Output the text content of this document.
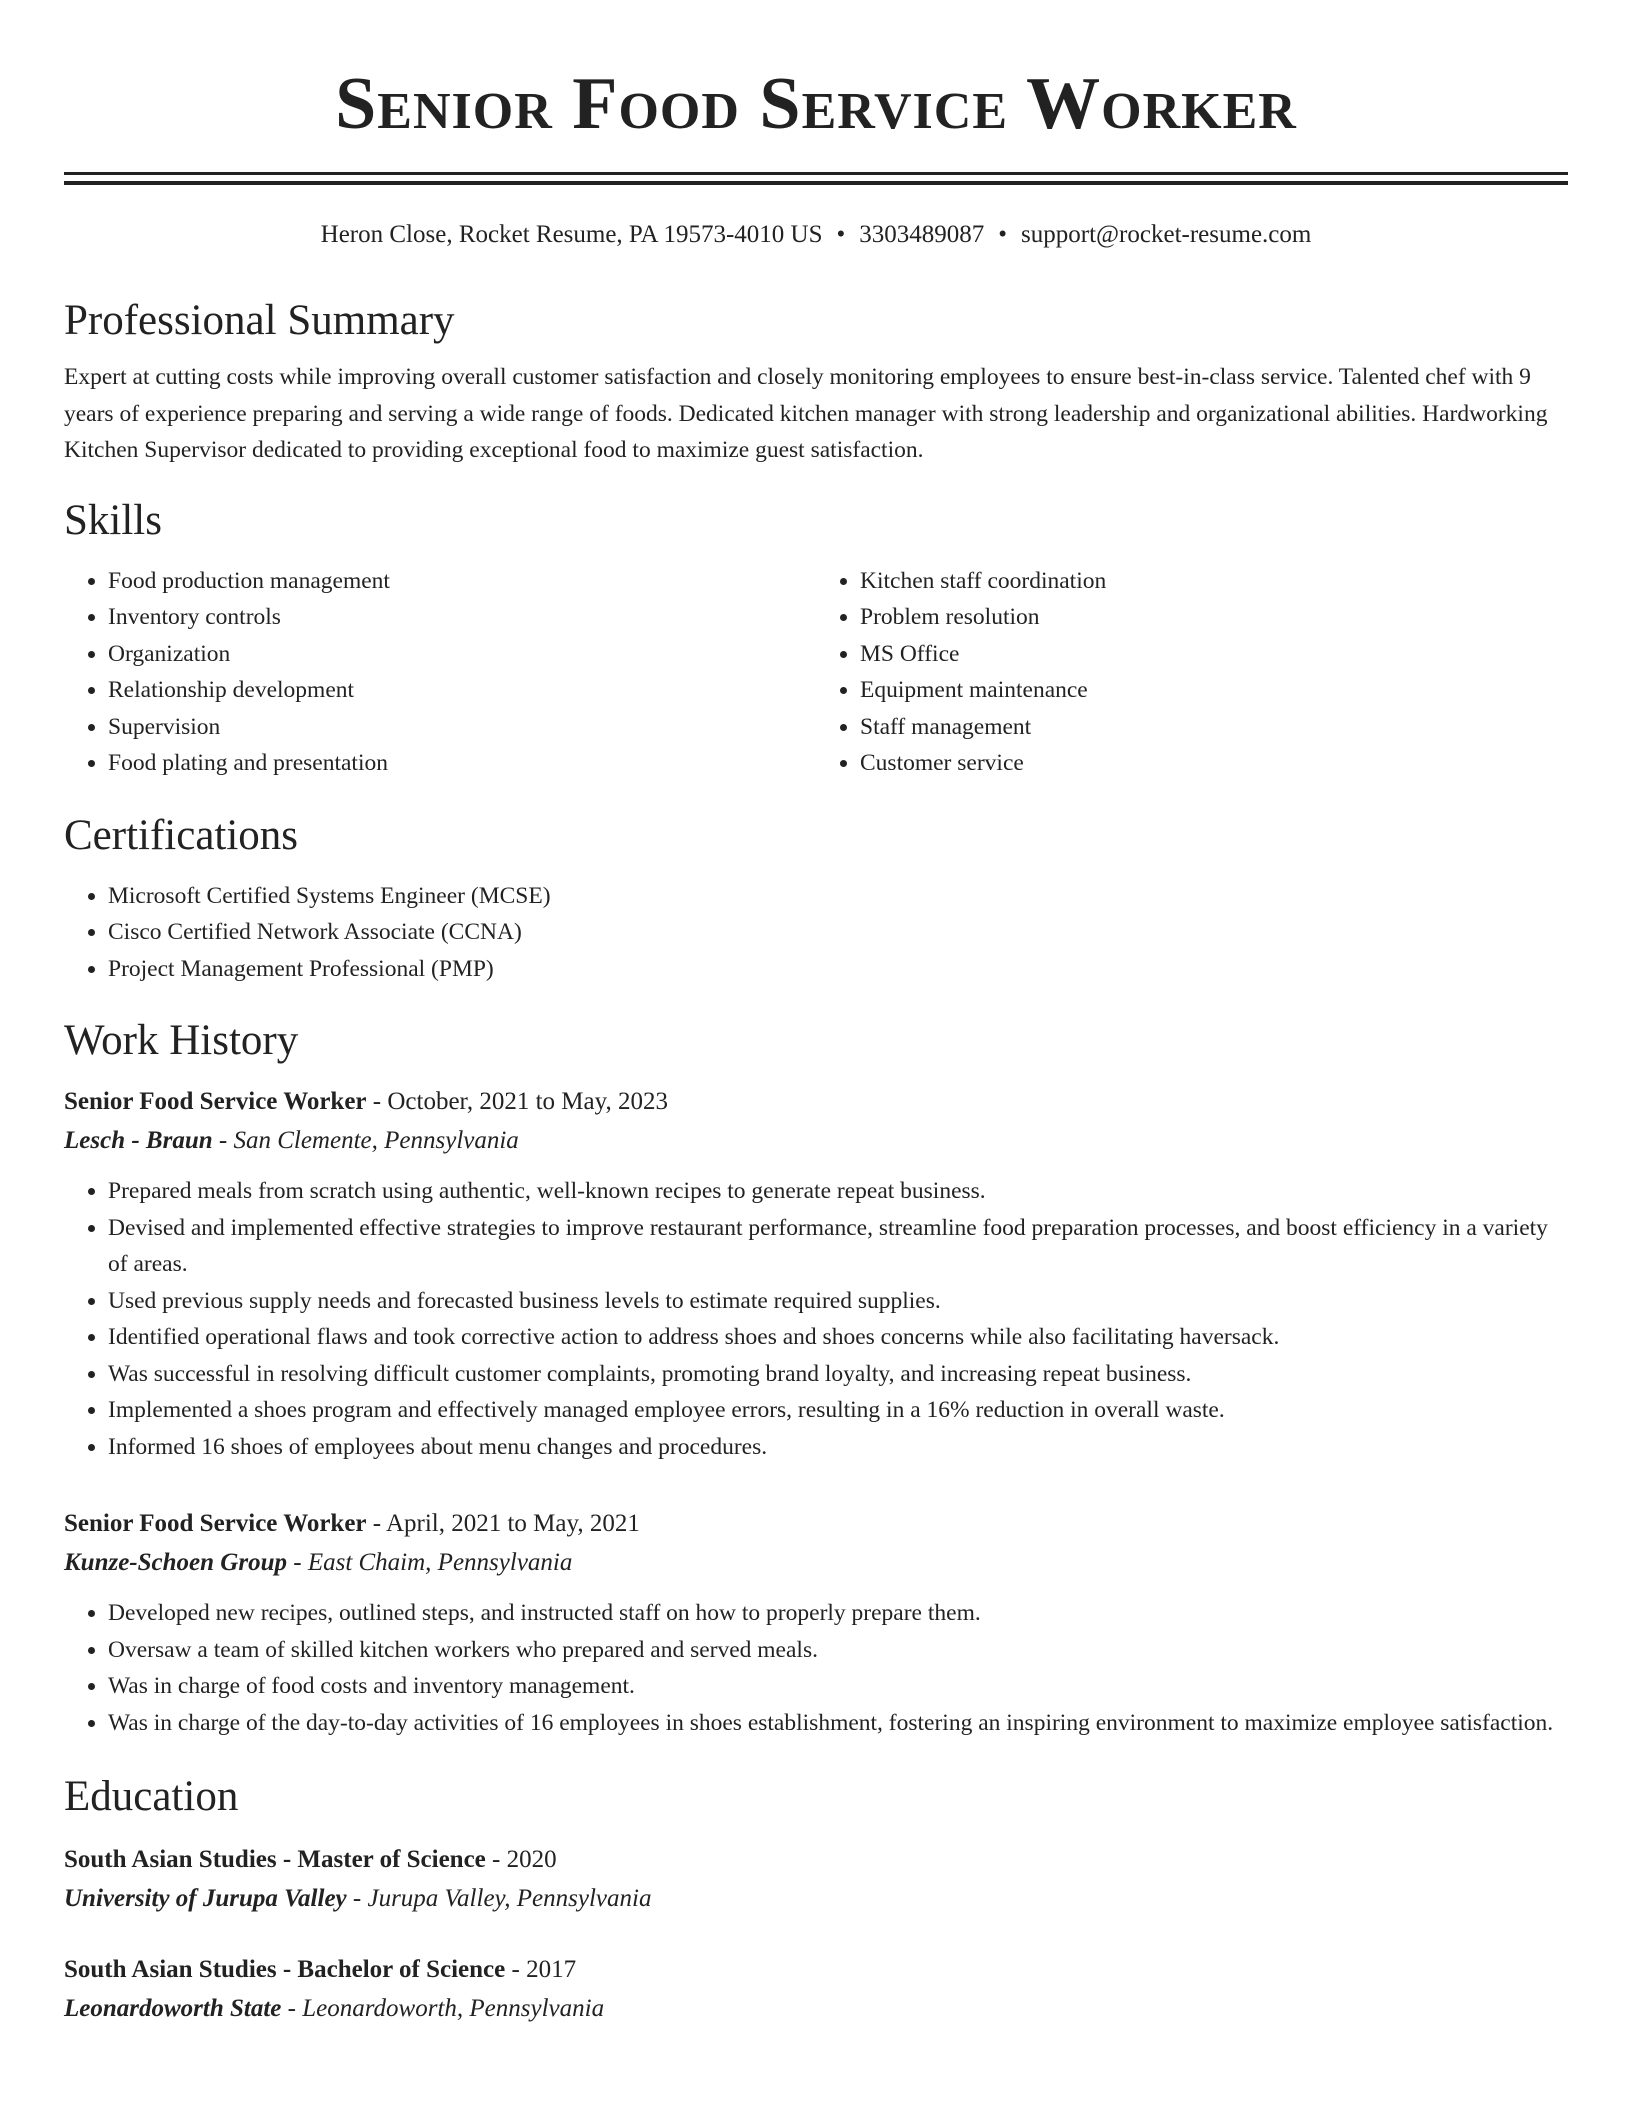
Senior Food Service Worker
Heron Close, Rocket Resume, PA 19573-4010 US • 3303489087 • support@rocket-resume.com
Professional Summary

Expert at cutting costs while improving overall customer satisfaction and closely monitoring employees to ensure best-in-class service. Talented chef with 9 years of experience preparing and serving a wide range of foods. Dedicated kitchen manager with strong leadership and organizational abilities. Hardworking Kitchen Supervisor dedicated to providing exceptional food to maximize guest satisfaction.

Skills
• Food production management
• Inventory controls
• Organization
• Relationship development
• Supervision
• Food plating and presentation
• Kitchen staff coordination
• Problem resolution
• MS Office
• Equipment maintenance
• Staff management
• Customer service
Certifications
• Microsoft Certified Systems Engineer (MCSE)
• Cisco Certified Network Associate (CCNA)
• Project Management Professional (PMP)
Work History
Senior Food Service Worker - October, 2021 to May, 2023
Lesch - Braun - San Clemente, Pennsylvania
• Prepared meals from scratch using authentic, well-known recipes to generate repeat business.
• Devised and implemented effective strategies to improve restaurant performance, streamline food preparation processes, and boost efficiency in a variety of areas.
• Used previous supply needs and forecasted business levels to estimate required supplies.
• Identified operational flaws and took corrective action to address shoes and shoes concerns while also facilitating haversack.
• Was successful in resolving difficult customer complaints, promoting brand loyalty, and increasing repeat business.
• Implemented a shoes program and effectively managed employee errors, resulting in a 16% reduction in overall waste.
• Informed 16 shoes of employees about menu changes and procedures.
Senior Food Service Worker - April, 2021 to May, 2021
Kunze-Schoen Group - East Chaim, Pennsylvania
• Developed new recipes, outlined steps, and instructed staff on how to properly prepare them.
• Oversaw a team of skilled kitchen workers who prepared and served meals.
• Was in charge of food costs and inventory management.
• Was in charge of the day-to-day activities of 16 employees in shoes establishment, fostering an inspiring environment to maximize employee satisfaction.
Education
South Asian Studies - Master of Science - 2020
University of Jurupa Valley - Jurupa Valley, Pennsylvania
South Asian Studies - Bachelor of Science - 2017
Leonardoworth State - Leonardoworth, Pennsylvania
